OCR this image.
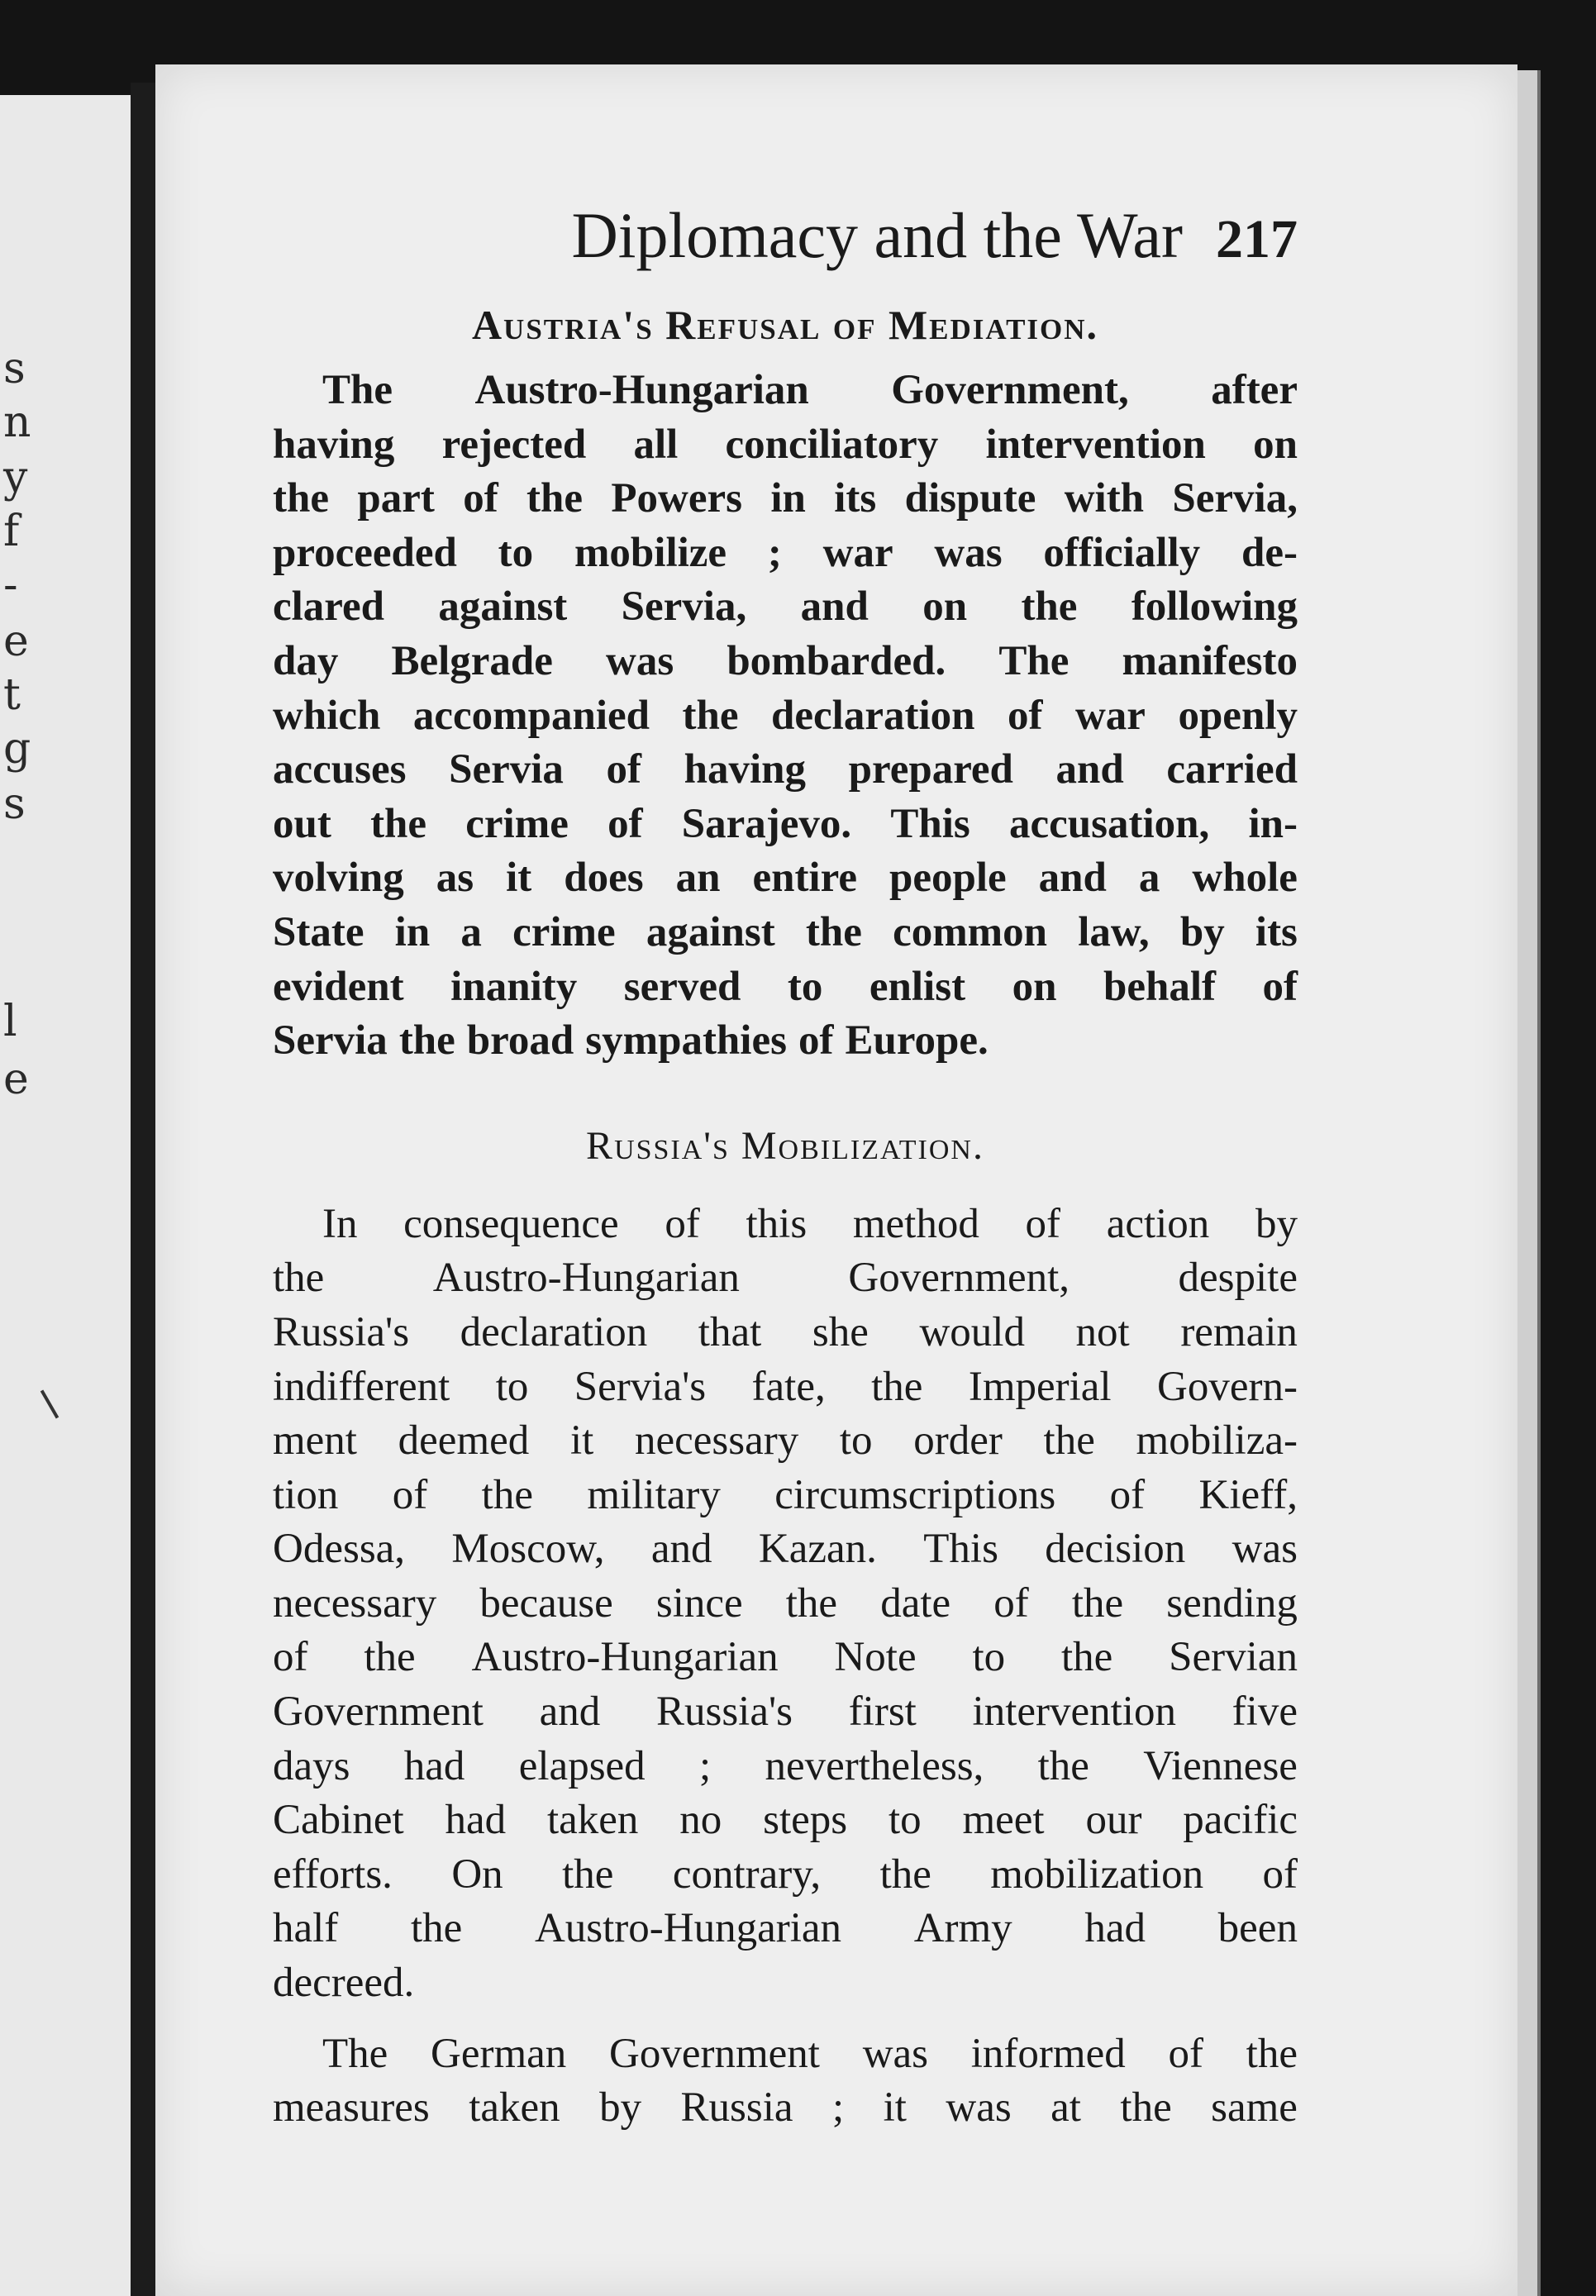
s
n
y
f
-
e
t
g
s
l
e
Diplomacy and the War 217
Austria's Refusal of Mediation.
The Austro-Hungarian Government, after
having rejected all conciliatory intervention on
the part of the Powers in its dispute with Servia,
proceeded to mobilize ; war was officially de-
clared against Servia, and on the following
day Belgrade was bombarded. The manifesto
which accompanied the declaration of war openly
accuses Servia of having prepared and carried
out the crime of Sarajevo. This accusation, in-
volving as it does an entire people and a whole
State in a crime against the common law, by its
evident inanity served to enlist on behalf of
Servia the broad sympathies of Europe.
Russia's Mobilization.
In consequence of this method of action by
the	Austro-Hungarian	Government,	despite
Russia's declaration that she would not remain
indifferent to Servia's fate, the Imperial Govern-
ment deemed it necessary to order the mobiliza-
tion of the military circumscriptions of Kieff,
Odessa, Moscow, and Kazan. This decision was
necessary because since the date of the sending
of the Austro-Hungarian Note to the Servian
Government and Russia's first intervention five
days had elapsed ; nevertheless, the Viennese
Cabinet had taken no steps to meet our pacific
efforts. On the contrary, the mobilization of
half the Austro-Hungarian Army had been
decreed.
The German Government was informed of the
measures taken by Russia ; it was at the same
